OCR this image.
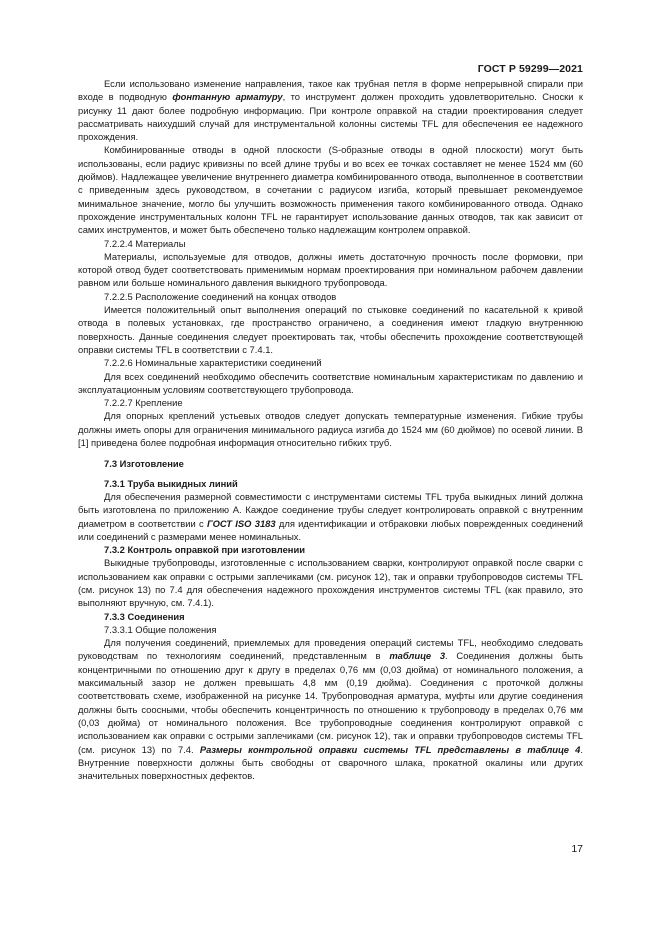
ГОСТ Р 59299—2021

Если использовано изменение направления, такое как трубная петля в форме непрерывной спирали при входе в подводную фонтанную арматуру, то инструмент должен проходить удовлетворительно. Сноски к рисунку 11 дают более подробную информацию. При контроле оправкой на стадии проектирования следует рассматривать наихудший случай для инструментальной колонны системы TFL для обеспечения ее надежного прохождения.

Комбинированные отводы в одной плоскости (S-образные отводы в одной плоскости) могут быть использованы, если радиус кривизны по всей длине трубы и во всех ее точках составляет не менее 1524 мм (60 дюймов). Надлежащее увеличение внутреннего диаметра комбинированного отвода, выполненное в соответствии с приведенным здесь руководством, в сочетании с радиусом изгиба, который превышает рекомендуемое минимальное значение, могло бы улучшить возможность применения такого комбинированного отвода. Однако прохождение инструментальных колонн TFL не гарантирует использование данных отводов, так как зависит от самих инструментов, и может быть обеспечено только надлежащим контролем оправкой.

7.2.2.4 Материалы

Материалы, используемые для отводов, должны иметь достаточную прочность после формовки, при которой отвод будет соответствовать применимым нормам проектирования при номинальном рабочем давлении равном или больше номинального давления выкидного трубопровода.

7.2.2.5 Расположение соединений на концах отводов

Имеется положительный опыт выполнения операций по стыковке соединений по касательной к кривой отвода в полевых установках, где пространство ограничено, а соединения имеют гладкую внутреннюю поверхность. Данные соединения следует проектировать так, чтобы обеспечить прохождение соответствующей оправки системы TFL в соответствии с 7.4.1.

7.2.2.6 Номинальные характеристики соединений

Для всех соединений необходимо обеспечить соответствие номинальным характеристикам по давлению и эксплуатационным условиям соответствующего трубопровода.

7.2.2.7 Крепление

Для опорных креплений устьевых отводов следует допускать температурные изменения. Гибкие трубы должны иметь опоры для ограничения минимального радиуса изгиба до 1524 мм (60 дюймов) по осевой линии. В [1] приведена более подробная информация относительно гибких труб.

7.3 Изготовление
7.3.1 Труба выкидных линий

Для обеспечения размерной совместимости с инструментами системы TFL труба выкидных линий должна быть изготовлена по приложению А. Каждое соединение трубы следует контролировать оправкой с внутренним диаметром в соответствии с ГОСТ ISO 3183 для идентификации и отбраковки любых поврежденных соединений или соединений с размерами менее номинальных.

7.3.2 Контроль оправкой при изготовлении

Выкидные трубопроводы, изготовленные с использованием сварки, контролируют оправкой после сварки с использованием как оправки с острыми заплечиками (см. рисунок 12), так и оправки трубопроводов системы TFL (см. рисунок 13) по 7.4 для обеспечения надежного прохождения инструментов системы TFL (как правило, это выполняют вручную, см. 7.4.1).

7.3.3 Соединения
7.3.3.1 Общие положения

Для получения соединений, приемлемых для проведения операций системы TFL, необходимо следовать руководствам по технологиям соединений, представленным в таблице 3. Соединения должны быть концентричными по отношению друг к другу в пределах 0,76 мм (0,03 дюйма) от номинального положения, а максимальный зазор не должен превышать 4,8 мм (0,19 дюйма). Соединения с проточкой должны соответствовать схеме, изображенной на рисунке 14. Трубопроводная арматура, муфты или другие соединения должны быть соосными, чтобы обеспечить концентричность по отношению к трубопроводу в пределах 0,76 мм (0,03 дюйма) от номинального положения. Все трубопроводные соединения контролируют оправкой с использованием как оправки с острыми заплечиками (см. рисунок 12), так и оправки трубопроводов системы TFL (см. рисунок 13) по 7.4. Размеры контрольной оправки системы TFL представлены в таблице 4. Внутренние поверхности должны быть свободны от сварочного шлака, прокатной окалины или других значительных поверхностных дефектов.

17
